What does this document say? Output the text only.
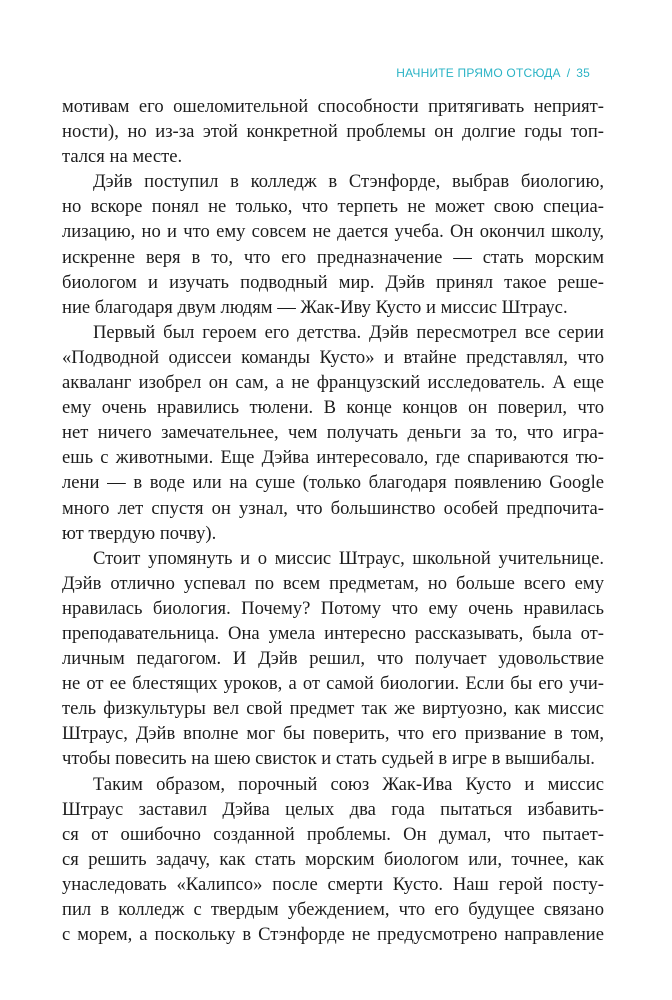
НАЧНИТЕ ПРЯМО ОТСЮДА / 35
мотивам его ошеломительной способности притягивать неприят-
ности), но из-за этой конкретной проблемы он долгие годы топ-
тался на месте.
Дэйв поступил в колледж в Стэнфорде, выбрав биологию,
но вскоре понял не только, что терпеть не может свою специа-
лизацию, но и что ему совсем не дается учеба. Он окончил школу,
искренне веря в то, что его предназначение — стать морским
биологом и изучать подводный мир. Дэйв принял такое реше-
ние благодаря двум людям — Жак-Иву Кусто и миссис Штраус.
Первый был героем его детства. Дэйв пересмотрел все серии
«Подводной одиссеи команды Кусто» и втайне представлял, что
акваланг изобрел он сам, а не французский исследователь. А еще
ему очень нравились тюлени. В конце концов он поверил, что
нет ничего замечательнее, чем получать деньги за то, что игра-
ешь с животными. Еще Дэйва интересовало, где спариваются тю-
лени — в воде или на суше (только благодаря появлению Google
много лет спустя он узнал, что большинство особей предпочита-
ют твердую почву).
Стоит упомянуть и о миссис Штраус, школьной учительнице.
Дэйв отлично успевал по всем предметам, но больше всего ему
нравилась биология. Почему? Потому что ему очень нравилась
преподавательница. Она умела интересно рассказывать, была от-
личным педагогом. И Дэйв решил, что получает удовольствие
не от ее блестящих уроков, а от самой биологии. Если бы его учи-
тель физкультуры вел свой предмет так же виртуозно, как миссис
Штраус, Дэйв вполне мог бы поверить, что его призвание в том,
чтобы повесить на шею свисток и стать судьей в игре в вышибалы.
Таким образом, порочный союз Жак-Ива Кусто и миссис
Штраус заставил Дэйва целых два года пытаться избавить-
ся от ошибочно созданной проблемы. Он думал, что пытает-
ся решить задачу, как стать морским биологом или, точнее, как
унаследовать «Калипсо» после смерти Кусто. Наш герой посту-
пил в колледж с твердым убеждением, что его будущее связано
с морем, а поскольку в Стэнфорде не предусмотрено направление
